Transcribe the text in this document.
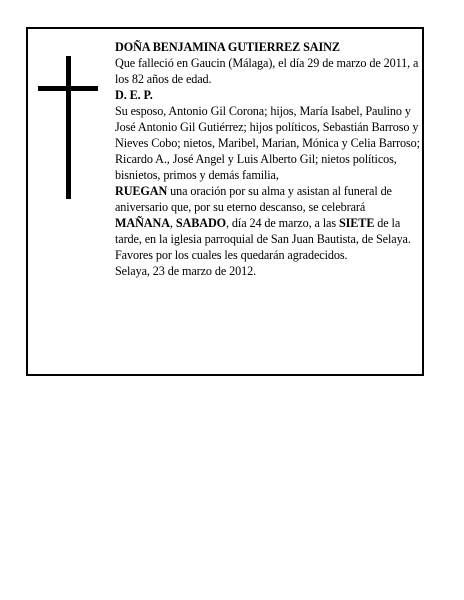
DOÑA BENJAMINA GUTIERREZ SAINZ

Que falleció en Gaucin (Málaga), el día 29 de marzo de 2011, a los 82 años de edad.

D. E. P.

Su esposo, Antonio Gil Corona; hijos, María Isabel, Paulino y José Antonio Gil Gutiérrez; hijos políticos, Sebastián Barroso y Nieves Cobo; nietos, Maribel, Marian, Mónica y Celia Barroso; Ricardo A., José Angel y Luis Alberto Gil; nietos políticos, bisnietos, primos y demás familia,

RUEGAN una oración por su alma y asistan al funeral de aniversario que, por su eterno descanso, se celebrará MAÑANA, SABADO, día 24 de marzo, a las SIETE de la tarde, en la iglesia parroquial de San Juan Bautista, de Selaya. Favores por los cuales les quedarán agradecidos.

Selaya, 23 de marzo de 2012.
